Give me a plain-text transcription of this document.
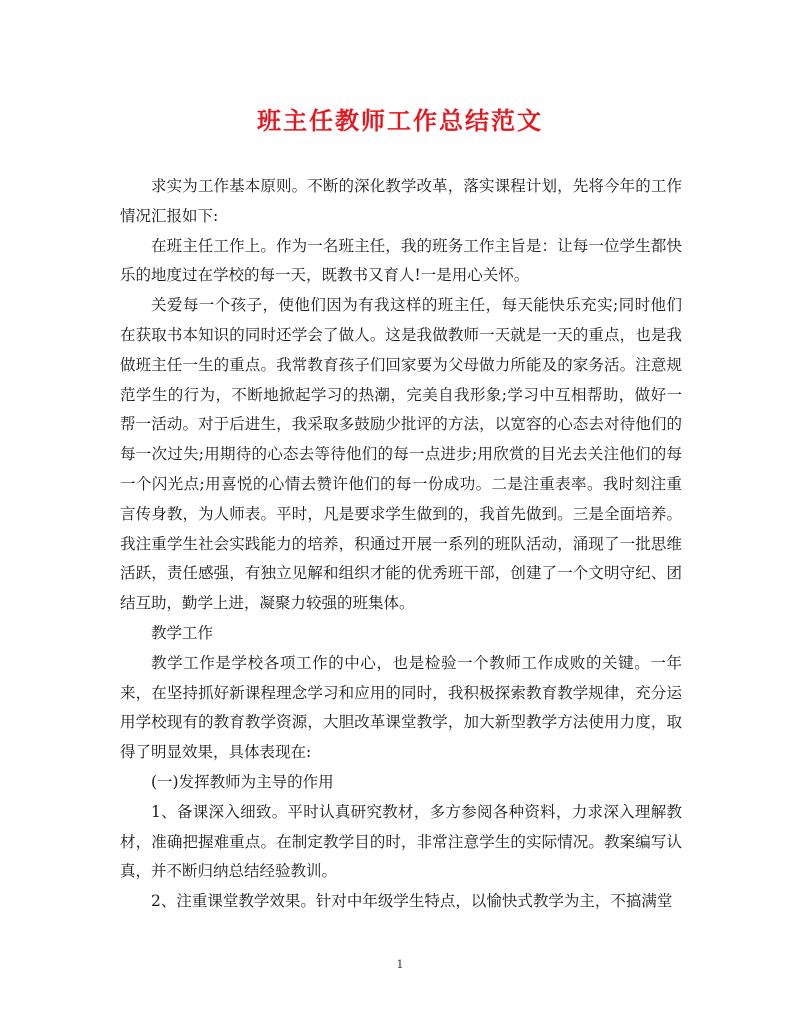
班主任教师工作总结范文

求实为工作基本原则。不断的深化教学改革，落实课程计划，先将今年的工作情况汇报如下:

在班主任工作上。作为一名班主任，我的班务工作主旨是：让每一位学生都快乐的地度过在学校的每一天，既教书又育人!一是用心关怀。

关爱每一个孩子，使他们因为有我这样的班主任，每天能快乐充实;同时他们在获取书本知识的同时还学会了做人。这是我做教师一天就是一天的重点，也是我做班主任一生的重点。我常教育孩子们回家要为父母做力所能及的家务活。注意规范学生的行为，不断地掀起学习的热潮，完美自我形象;学习中互相帮助，做好一帮一活动。对于后进生，我采取多鼓励少批评的方法，以宽容的心态去对待他们的每一次过失;用期待的心态去等待他们的每一点进步;用欣赏的目光去关注他们的每一个闪光点;用喜悦的心情去赞许他们的每一份成功。二是注重表率。我时刻注重言传身教，为人师表。平时，凡是要求学生做到的，我首先做到。三是全面培养。我注重学生社会实践能力的培养，积通过开展一系列的班队活动，涌现了一批思维活跃，责任感强，有独立见解和组织才能的优秀班干部，创建了一个文明守纪、团结互助，勤学上进，凝聚力较强的班集体。

教学工作

教学工作是学校各项工作的中心，也是检验一个教师工作成败的关键。一年来，在坚持抓好新课程理念学习和应用的同时，我积极探索教育教学规律，充分运用学校现有的教育教学资源，大胆改革课堂教学，加大新型教学方法使用力度，取得了明显效果，具体表现在:

(一)发挥教师为主导的作用

1、备课深入细致。平时认真研究教材，多方参阅各种资料，力求深入理解教材，准确把握难重点。在制定教学目的时，非常注意学生的实际情况。教案编写认真，并不断归纳总结经验教训。

2、注重课堂教学效果。针对中年级学生特点，以愉快式教学为主，不搞满堂

1
